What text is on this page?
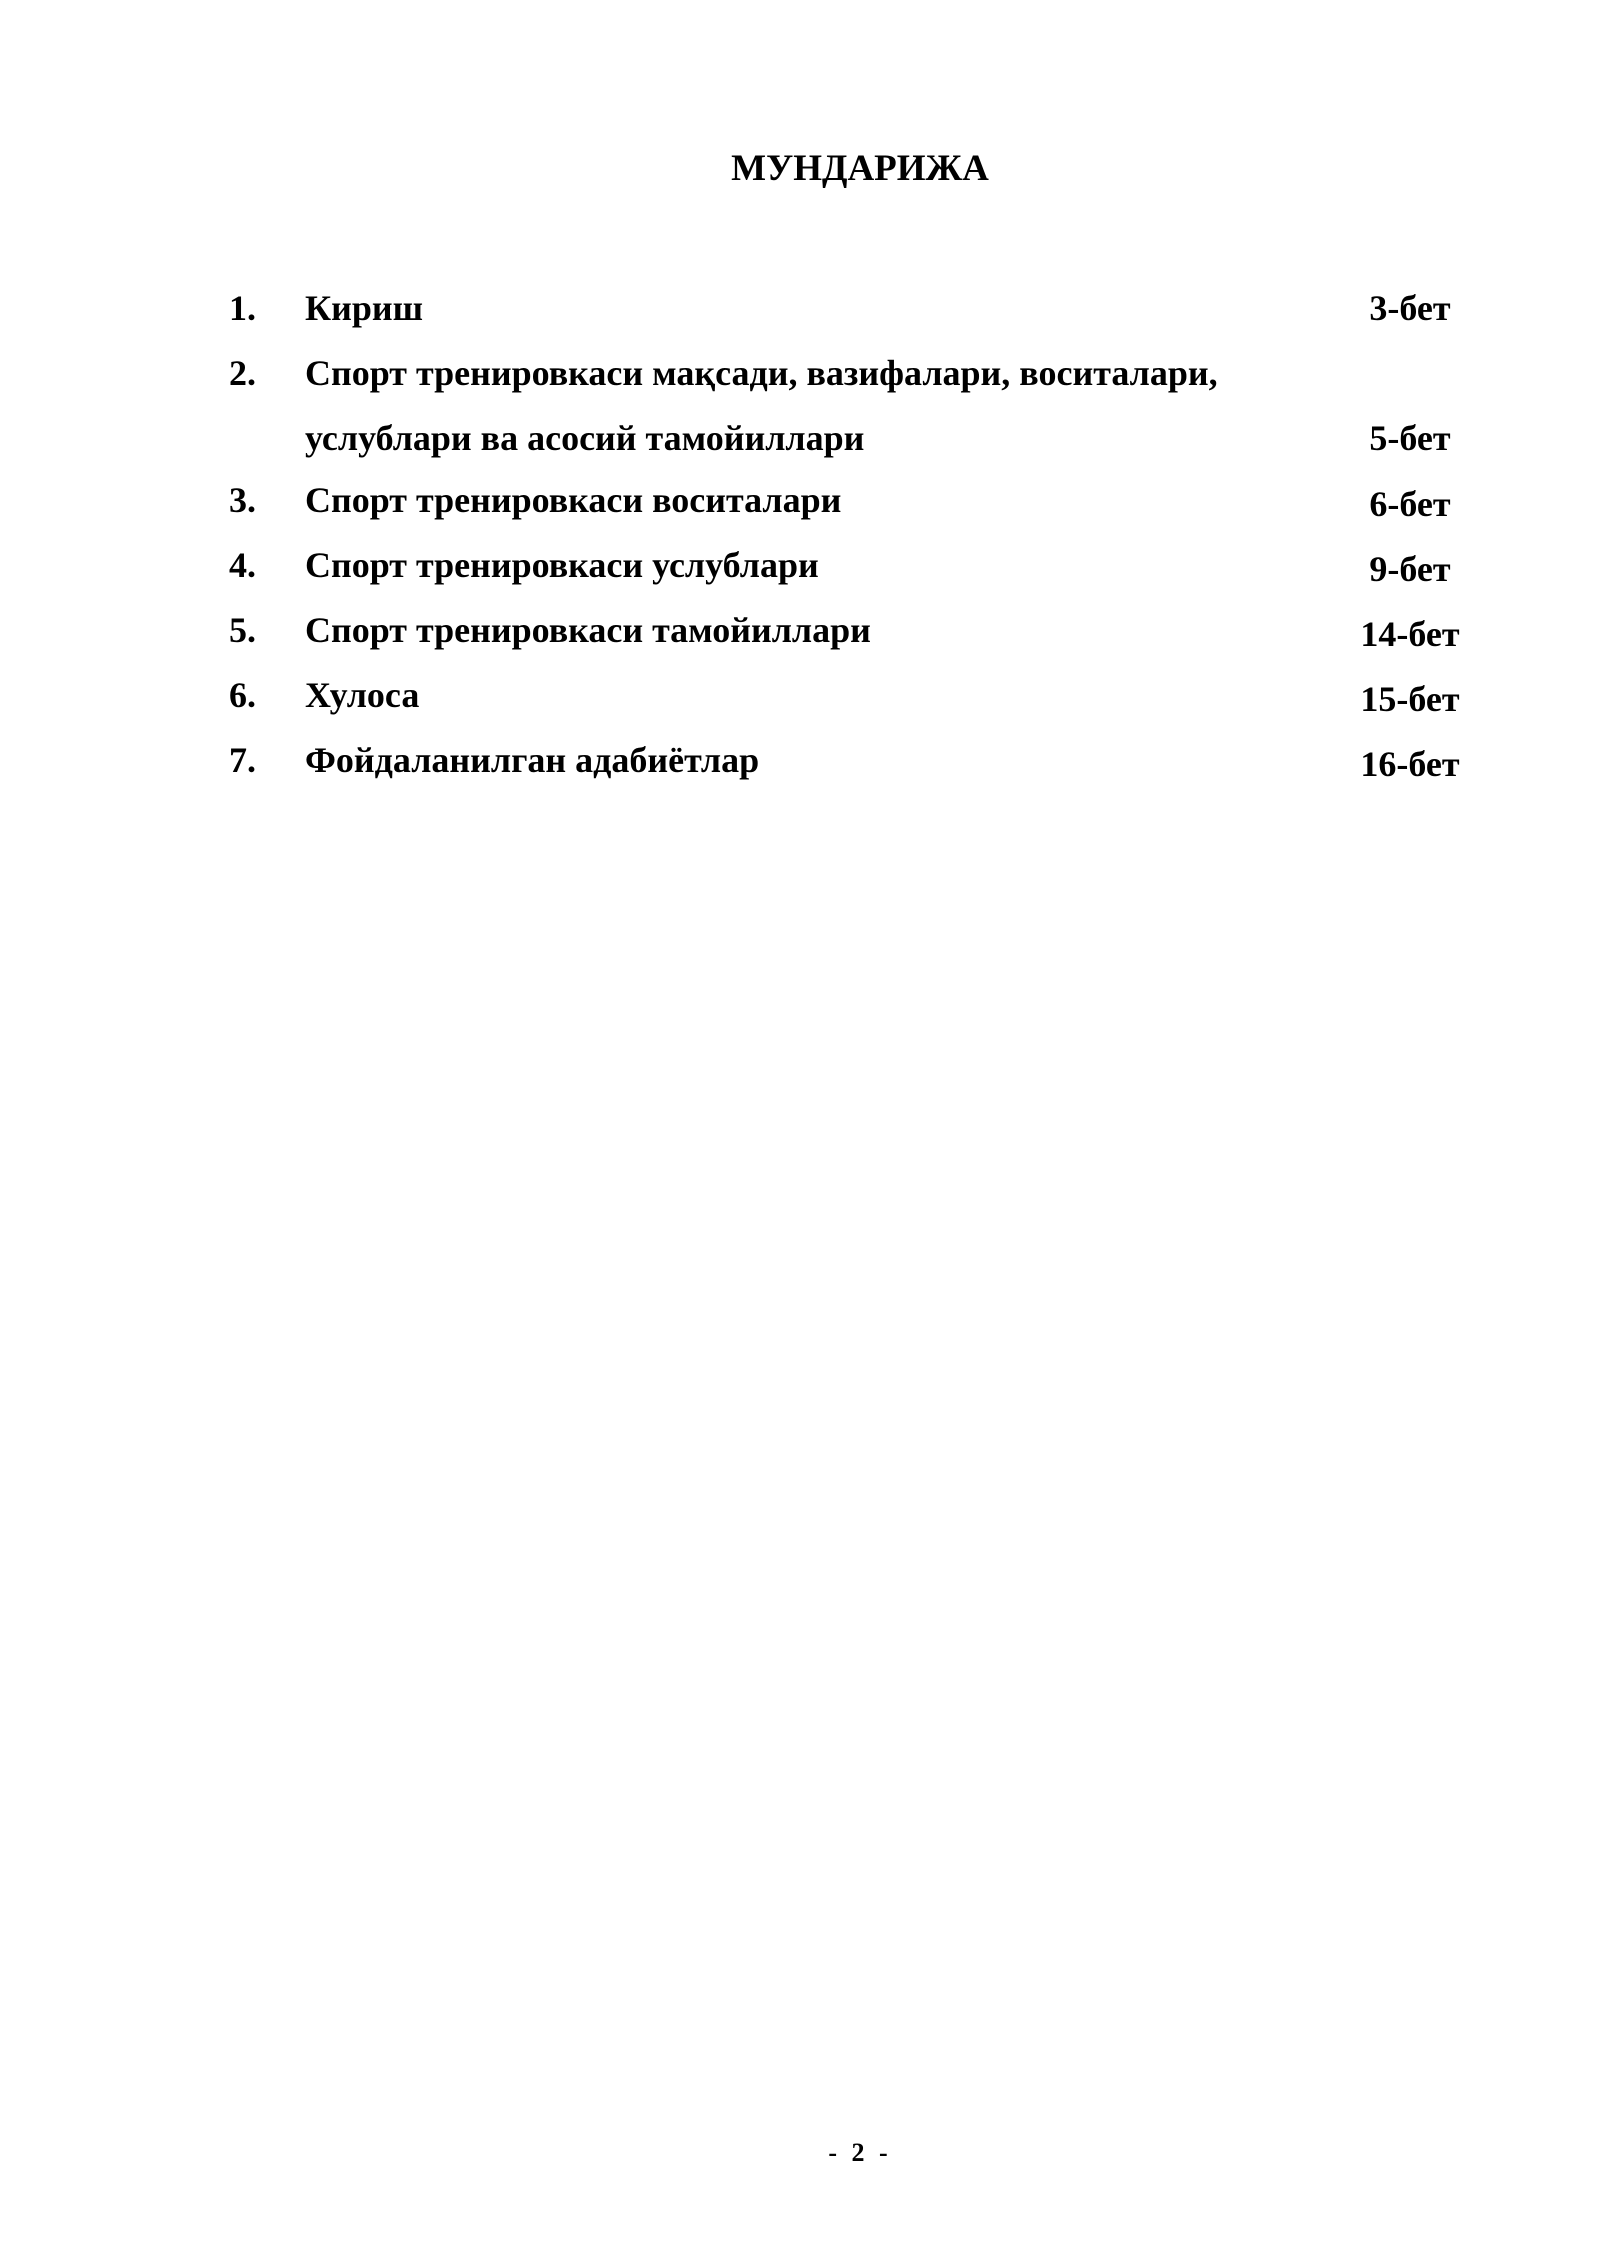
МУНДАРИЖА
1. Кириш	3-бет
2. Спорт тренировкаси мақсади, вазифалари, воситалари,
услублари ва асосий тамойиллари	5-бет
3. Спорт тренировкаси воситалари	6-бет
4. Спорт тренировкаси услублари	9-бет
5. Спорт тренировкаси тамойиллари	14-бет
6. Хулоса	15-бет
7. Фойдаланилган адабиётлар	16-бет
- 2 -
